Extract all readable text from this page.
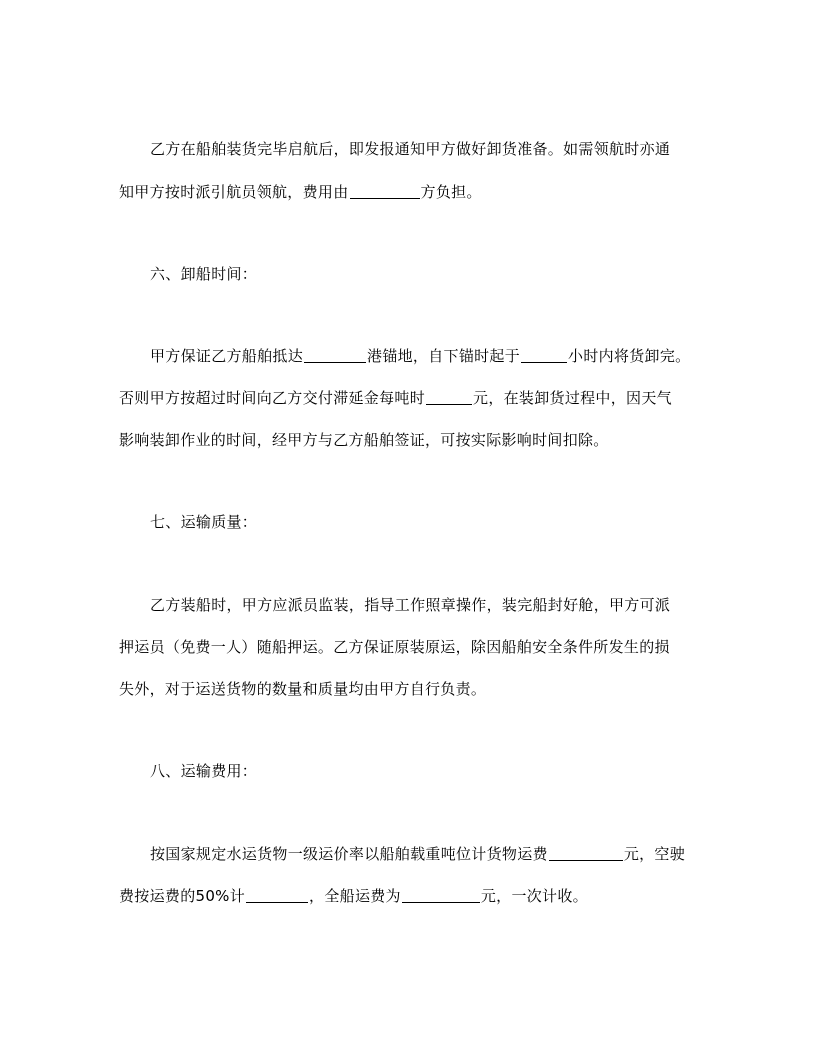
乙方在船舶装货完毕启航后，即发报通知甲方做好卸货准备。如需领航时亦通
知甲方按时派引航员领航，费用由	方负担。
六、卸船时间：
甲方保证乙方船舶抵达	港锚地，自下锚时起于	小时内将货卸完。
否则甲方按超过时间向乙方交付滞延金每吨时	元，在装卸货过程中，因天气
影响装卸作业的时间，经甲方与乙方船舶签证，可按实际影响时间扣除。
七、运输质量：
乙方装船时，甲方应派员监装，指导工作照章操作，装完船封好舱，甲方可派
押运员（免费一人）随船押运。乙方保证原装原运，除因船舶安全条件所发生的损
失外，对于运送货物的数量和质量均由甲方自行负责。
八、运输费用：
按国家规定水运货物一级运价率以船舶载重吨位计货物运费	元，空驶
费按运费的50%计	，全船运费为	元，一次计收。
